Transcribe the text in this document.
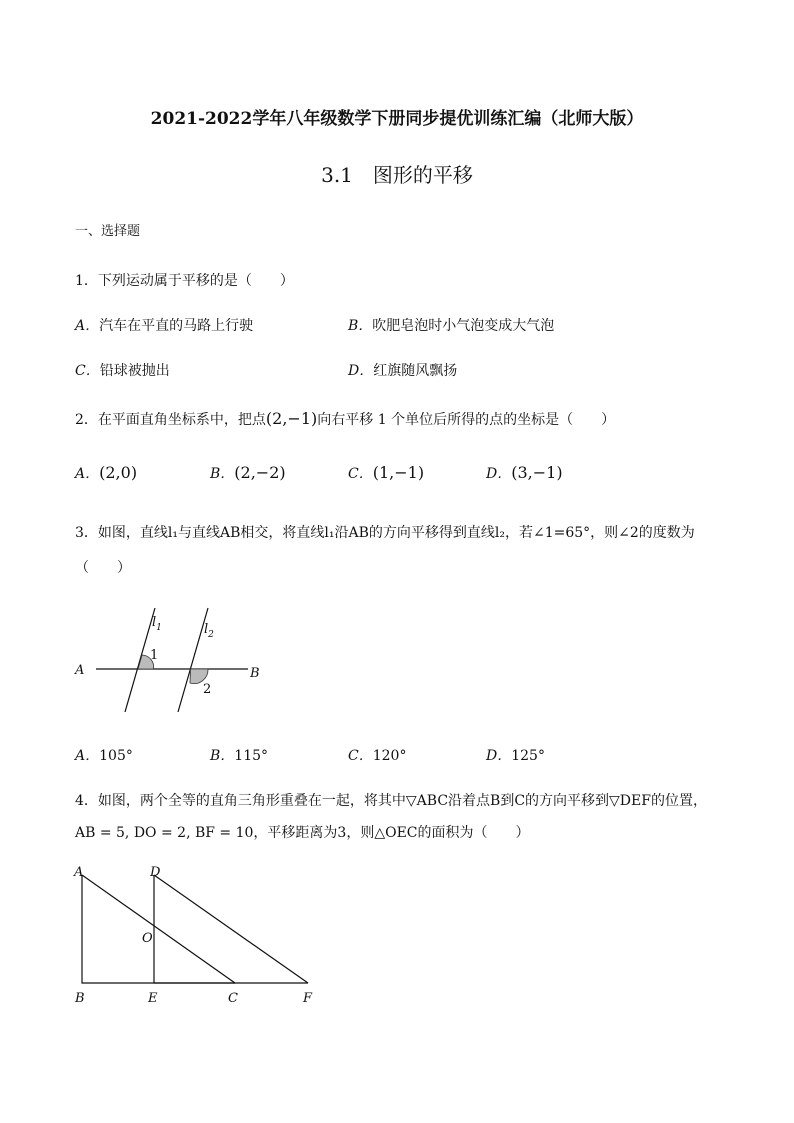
2021-2022学年八年级数学下册同步提优训练汇编（北师大版）
3.1　图形的平移
一、选择题
1．下列运动属于平移的是（　　）
A．汽车在平直的马路上行驶	B．吹肥皂泡时小气泡变成大气泡
C．铅球被抛出	D．红旗随风飘扬
2．在平面直角坐标系中，把点(2,−1)向右平移 1 个单位后所得的点的坐标是（　　）
A．(2,0)	B．(2,−2)	C．(1,−1)	D．(3,−1)
3．如图，直线l₁与直线AB相交，将直线l₁沿AB的方向平移得到直线l₂，若∠1=65°，则∠2的度数为
（　　）
A	B
$l_1$	$l_2$
1
2
A．105°	B．115°	C．120°	D．125°
4．如图，两个全等的直角三角形重叠在一起，将其中▽ABC沿着点B到C的方向平移到▽DEF的位置，
AB = 5, DO = 2, BF = 10，平移距离为3，则△OEC的面积为（　　）
A	D
O
B	E	C	F
